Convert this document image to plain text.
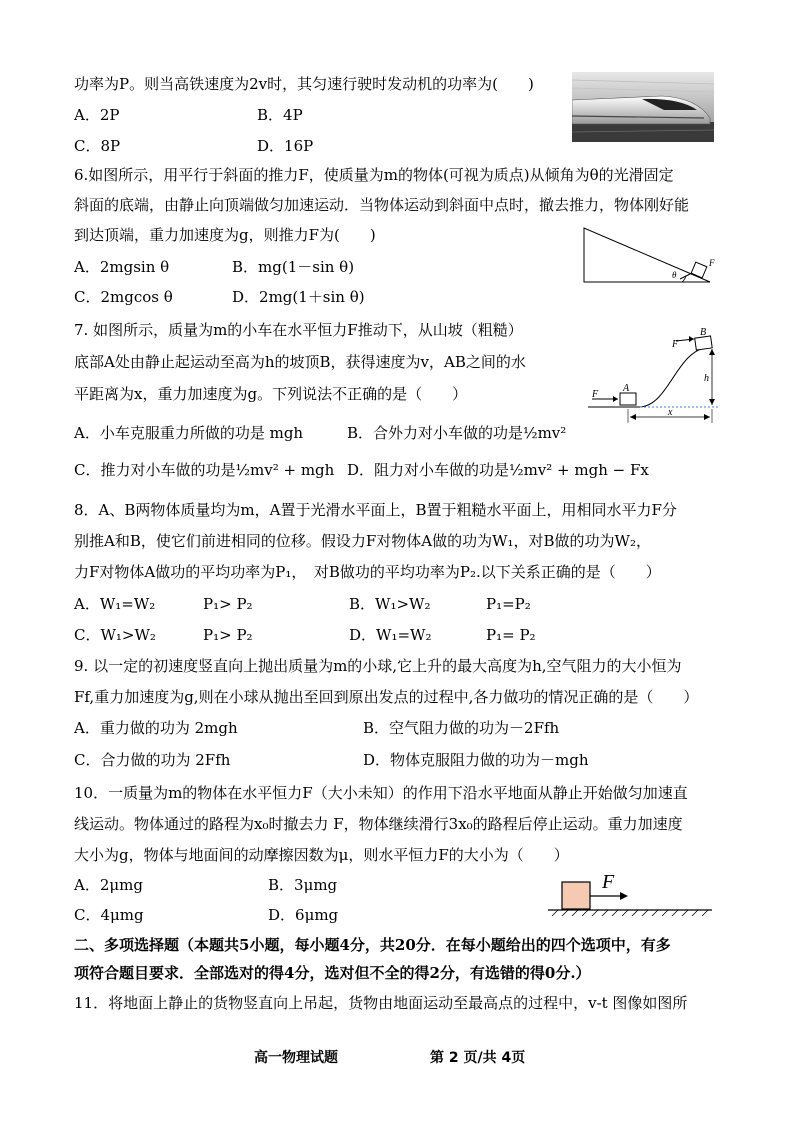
功率为P。则当高铁速度为2v时，其匀速行驶时发动机的功率为(　　)
A．2P	B．4P
C．8P	D．16P
6.如图所示，用平行于斜面的推力F，使质量为m的物体(可视为质点)从倾角为θ的光滑固定
斜面的底端，由静止向顶端做匀加速运动．当物体运动到斜面中点时，撤去推力，物体刚好能
到达顶端，重力加速度为g，则推力F为(　　)
A．2mgsin θ	B．mg(1－sin θ)
C．2mgcos θ	D．2mg(1＋sin θ)
θ
F
7. 如图所示，质量为m的小车在水平恒力F推动下，从山坡（粗糙）
底部A处由静止起运动至高为h的坡顶B，获得速度为v，AB之间的水
平距离为x，重力加速度为g。下列说法不正确的是（　　）
A．小车克服重力所做的功是 mgh	B．合外力对小车做的功是½mv²
C．推力对小车做的功是½mv² + mgh D．阻力对小车做的功是½mv² + mgh − Fx
F
A
F
B
h
x
8．A、B两物体质量均为m，A置于光滑水平面上，B置于粗糙水平面上，用相同水平力F分
别推A和B，使它们前进相同的位移。假设力F对物体A做的功为W₁，对B做的功为W₂，
力F对物体A做功的平均功率为P₁，　对B做功的平均功率为P₂.以下关系正确的是（　　）
A．W₁=W₂	P₁> P₂	B．W₁>W₂	P₁=P₂
C．W₁>W₂	P₁> P₂	D．W₁=W₂	P₁= P₂
9. 以一定的初速度竖直向上抛出质量为m的小球,它上升的最大高度为h,空气阻力的大小恒为
Ff,重力加速度为g,则在小球从抛出至回到原出发点的过程中,各力做功的情况正确的是（　　）
A．重力做的功为 2mgh	B．空气阻力做的功为－2Ffh
C．合力做的功为 2Ffh	D．物体克服阻力做的功为－mgh
10．一质量为m的物体在水平恒力F（大小未知）的作用下沿水平地面从静止开始做匀加速直
线运动。物体通过的路程为x₀时撤去力 F，物体继续滑行3x₀的路程后停止运动。重力加速度
大小为g，物体与地面间的动摩擦因数为μ，则水平恒力F的大小为（　　）
A．2μmg	B．3μmg
C．4μmg	D．6μmg
F
二、多项选择题（本题共5小题，每小题4分，共20分．在每小题给出的四个选项中，有多
项符合题目要求．全部选对的得4分，选对但不全的得2分，有选错的得0分.）
11．将地面上静止的货物竖直向上吊起，货物由地面运动至最高点的过程中，v-t 图像如图所
高一物理试题	第 2 页/共 4页
